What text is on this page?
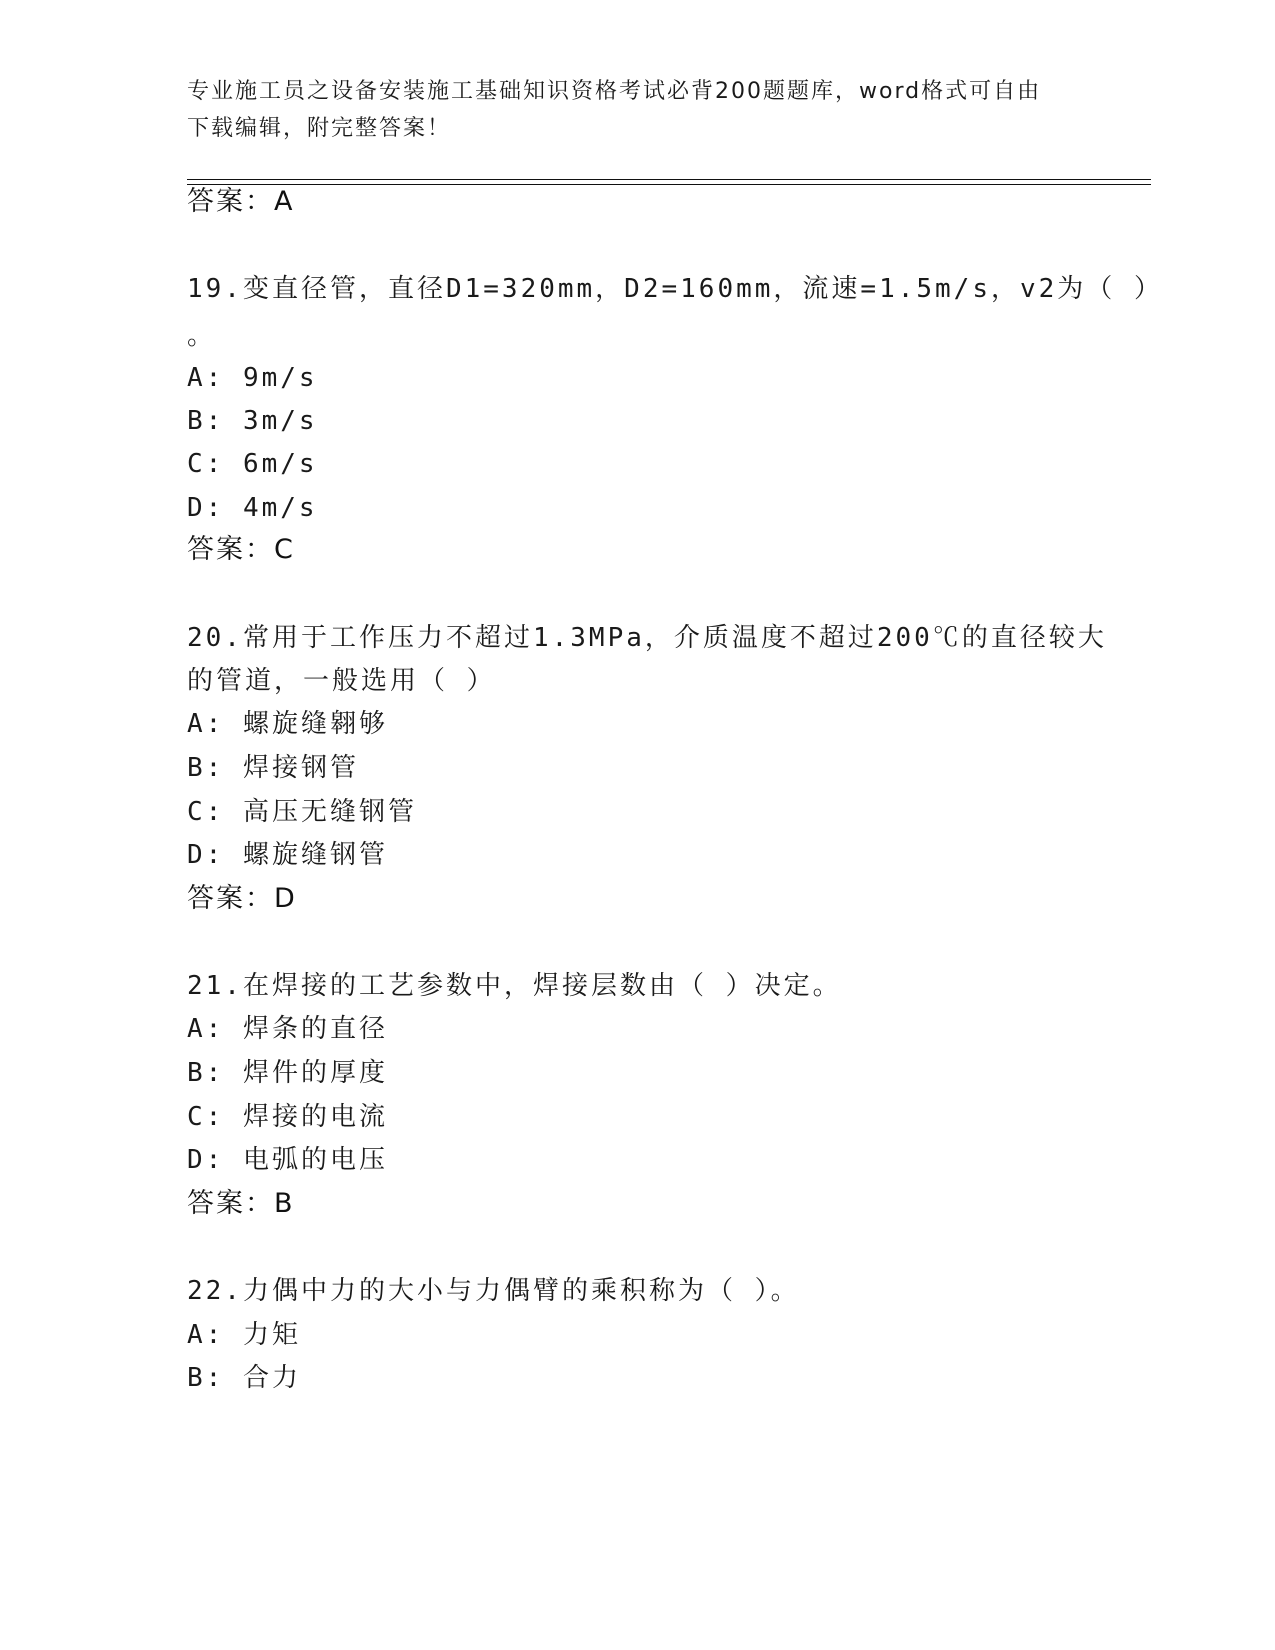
专业施工员之设备安装施工基础知识资格考试必背200题题库，word格式可自由
下载编辑，附完整答案！
答案：A
19.变直径管，直径D1=320mm，D2=160mm，流速=1.5m/s，v2为（ ）
。
A: 9m/s
B: 3m/s
C: 6m/s
D: 4m/s
答案：C
20.常用于工作压力不超过1.3MPa，介质温度不超过200℃的直径较大
的管道，一般选用（ ）
A: 螺旋缝翱够
B: 焊接钢管
C: 高压无缝钢管
D: 螺旋缝钢管
答案：D
21.在焊接的工艺参数中，焊接层数由（ ）决定。
A: 焊条的直径
B: 焊件的厚度
C: 焊接的电流
D: 电弧的电压
答案：B
22.力偶中力的大小与力偶臂的乘积称为（ ）。
A: 力矩
B: 合力
